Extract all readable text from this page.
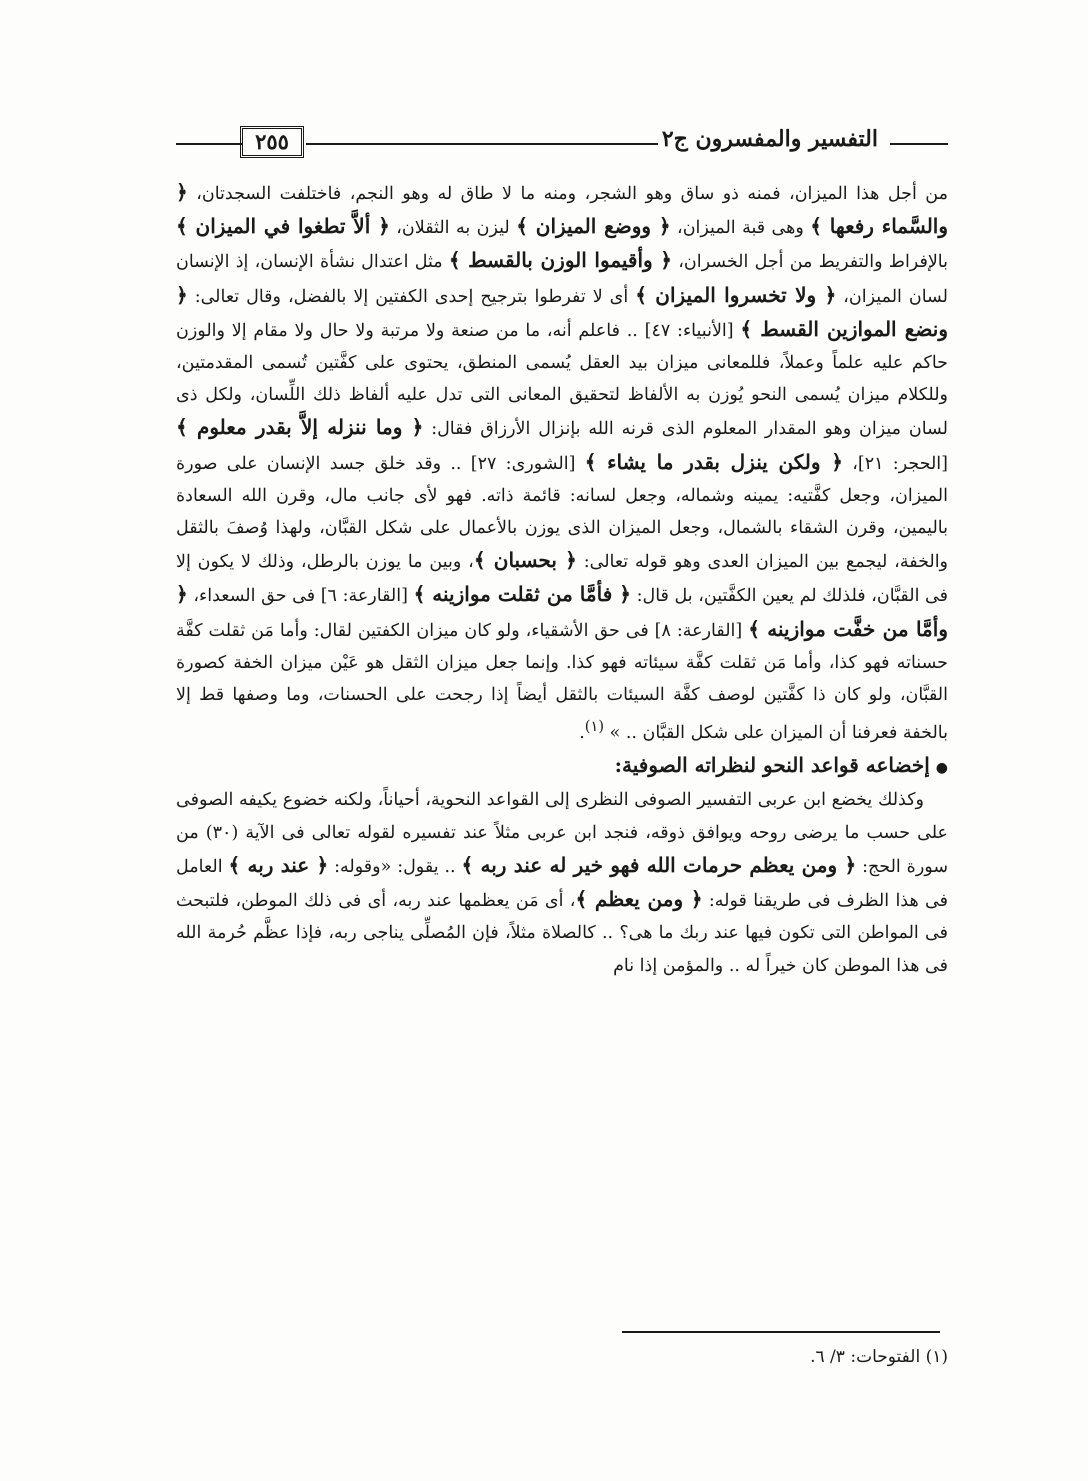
التفسير والمفسرون ج٢
٢٥٥

من أجل هذا الميزان، فمنه ذو ساق وهو الشجر، ومنه ما لا طاق له وهو النجم، فاختلفت السجدتان، ﴿ والسَّماء رفعها ﴾ وهى قبة الميزان، ﴿ ووضع الميزان ﴾ ليزن به الثقلان، ﴿ ألاَّ تطغوا في الميزان ﴾ بالإفراط والتفريط من أجل الخسران، ﴿ وأقيموا الوزن بالقسط ﴾ مثل اعتدال نشأة الإنسان، إذ الإنسان لسان الميزان، ﴿ ولا تخسروا الميزان ﴾ أى لا تفرطوا بترجيح إحدى الكفتين إلا بالفضل، وقال تعالى: ﴿ ونضع الموازين القسط ﴾ [الأنبياء: ٤٧] .. فاعلم أنه، ما من صنعة ولا مرتبة ولا حال ولا مقام إلا والوزن حاكم عليه علماً وعملاً، فللمعانى ميزان بيد العقل يُسمى المنطق، يحتوى على كفَّتين تُسمى المقدمتين، وللكلام ميزان يُسمى النحو يُوزن به الألفاظ لتحقيق المعانى التى تدل عليه ألفاظ ذلك اللِّسان، ولكل ذى لسان ميزان وهو المقدار المعلوم الذى قرنه الله بإنزال الأرزاق فقال: ﴿ وما ننزله إلاَّ بقدر معلوم ﴾ [الحجر: ٢١]، ﴿ ولكن ينزل بقدر ما يشاء ﴾ [الشورى: ٢٧] .. وقد خلق جسد الإنسان على صورة الميزان، وجعل كفَّتيه: يمينه وشماله، وجعل لسانه: قائمة ذاته. فهو لأى جانب مال، وقرن الله السعادة باليمين، وقرن الشقاء بالشمال، وجعل الميزان الذى يوزن بالأعمال على شكل القبَّان، ولهذا وُصفَ بالثقل والخفة، ليجمع بين الميزان العدى وهو قوله تعالى: ﴿ بحسبان ﴾، وبين ما يوزن بالرطل، وذلك لا يكون إلا فى القبَّان، فلذلك لم يعين الكفَّتين، بل قال: ﴿ فأمَّا من ثقلت موازينه ﴾ [القارعة: ٦] فى حق السعداء، ﴿ وأمَّا من خفَّت موازينه ﴾ [القارعة: ٨] فى حق الأشقياء، ولو كان ميزان الكفتين لقال: وأما مَن ثقلت كفَّة حسناته فهو كذا، وأما مَن ثقلت كفَّة سيئاته فهو كذا. وإنما جعل ميزان الثقل هو عَيْن ميزان الخفة كصورة القبَّان، ولو كان ذا كفَّتين لوصف كفَّة السيئات بالثقل أيضاً إذا رجحت على الحسنات، وما وصفها قط إلا بالخفة فعرفنا أن الميزان على شكل القبَّان .. » $^{(١)}$.

●إخضاعه قواعد النحو لنظراته الصوفية:

وكذلك يخضع ابن عربى التفسير الصوفى النظرى إلى القواعد النحوية، أحياناً، ولكنه خضوع يكيفه الصوفى على حسب ما يرضى روحه ويوافق ذوقه، فنجد ابن عربى مثلاً عند تفسيره لقوله تعالى فى الآية (٣٠) من سورة الحج: ﴿ ومن يعظم حرمات الله فهو خير له عند ربه ﴾ .. يقول: «وقوله: ﴿ عند ربه ﴾ العامل فى هذا الظرف فى طريقنا قوله: ﴿ ومن يعظم ﴾، أى مَن يعظمها عند ربه، أى فى ذلك الموطن، فلتبحث فى المواطن التى تكون فيها عند ربك ما هى؟ .. كالصلاة مثلاً، فإن المُصلِّى يناجى ربه، فإذا عظَّم حُرمة الله فى هذا الموطن كان خيراً له .. والمؤمن إذا نام

(١) الفتوحات: ٣/ ٦.
